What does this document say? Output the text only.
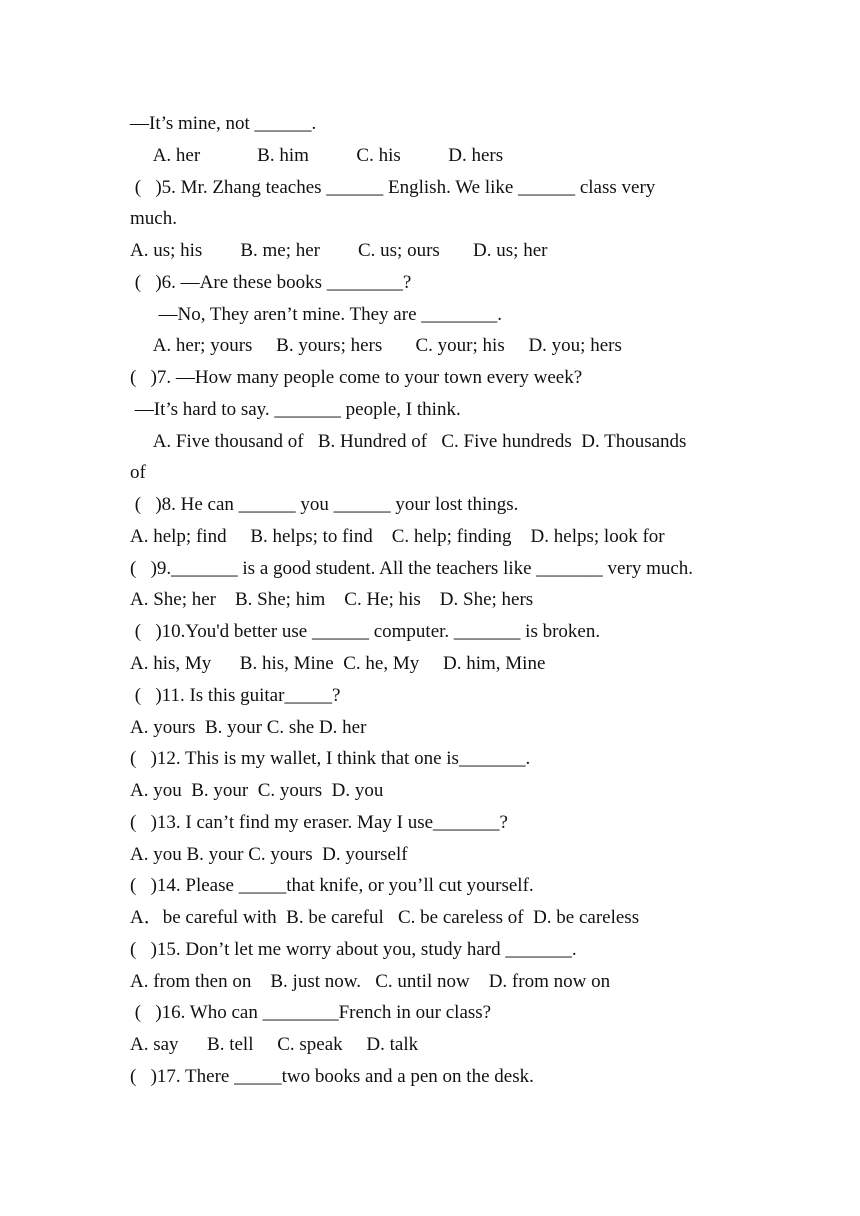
—It’s mine, not ______.
A. her            B. him          C. his          D. hers
(   )5. Mr. Zhang teaches ______ English. We like ______ class very
much.
A. us; his        B. me; her        C. us; ours       D. us; her
(   )6. —Are these books ________?
—No, They aren’t mine. They are ________.
A. her; yours     B. yours; hers       C. your; his     D. you; hers
(   )7. —How many people come to your town every week?
—It’s hard to say. _______ people, I think.
A. Five thousand of   B. Hundred of   C. Five hundreds  D. Thousands
of
(   )8. He can ______ you ______ your lost things.
A. help; find     B. helps; to find    C. help; finding    D. helps; look for
(   )9._______ is a good student. All the teachers like _______ very much.
A. She; her    B. She; him    C. He; his    D. She; hers
(   )10.You'd better use ______ computer. _______ is broken.
A. his, My      B. his, Mine  C. he, My     D. him, Mine
(   )11. Is this guitar_____?
A. yours  B. your C. she D. her
(   )12. This is my wallet, I think that one is_______.
A. you  B. your  C. yours  D. you
(   )13. I can’t find my eraser. May I use_______?
A. you B. your C. yours  D. yourself
(   )14. Please _____that knife, or you’ll cut yourself.
A．be careful with  B. be careful   C. be careless of  D. be careless
(   )15. Don’t let me worry about you, study hard _______.
A. from then on    B. just now.   C. until now    D. from now on
(   )16. Who can ________French in our class?
A. say      B. tell     C. speak     D. talk
(   )17. There _____two books and a pen on the desk.
